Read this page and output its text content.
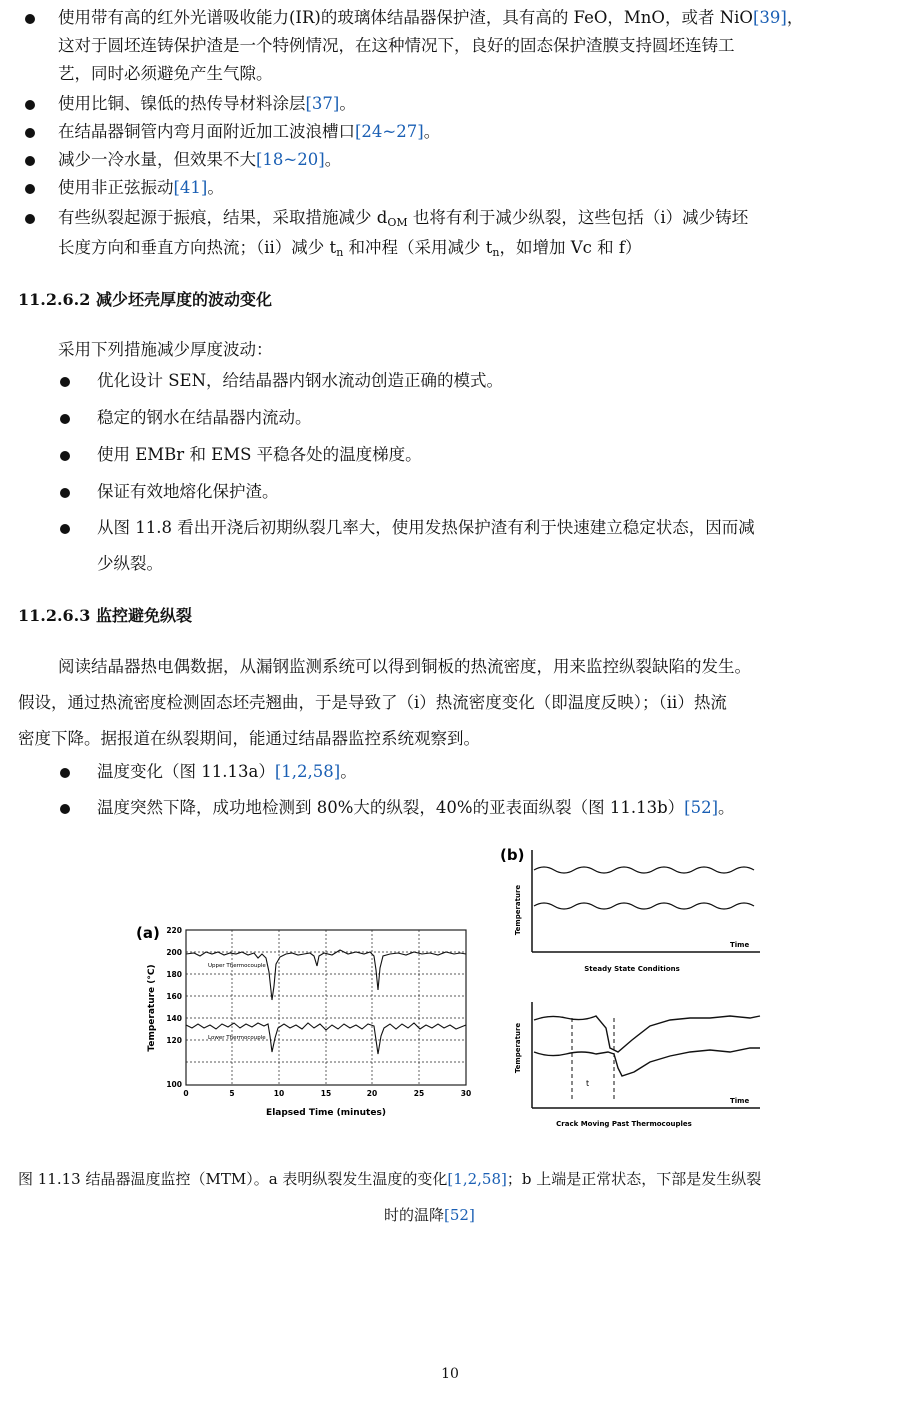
使用带有高的红外光谱吸收能力(IR)的玻璃体结晶器保护渣，具有高的 FeO，MnO，或者 NiO[39]，
这对于圆坯连铸保护渣是一个特例情况，在这种情况下，良好的固态保护渣膜支持圆坯连铸工
艺，同时必须避免产生气隙。
使用比铜、镍低的热传导材料涂层[37]。
在结晶器铜管内弯月面附近加工波浪槽口[24~27]。
减少一冷水量，但效果不大[18~20]。
使用非正弦振动[41]。
有些纵裂起源于振痕，结果，采取措施减少 $d_{OM}$ 也将有利于减少纵裂，这些包括（i）减少铸坯
长度方向和垂直方向热流；（ii）减少 $t_n$ 和冲程（采用减少 $t_n$，如增加 Vc 和 f）
11.2.6.2 减少坯壳厚度的波动变化
采用下列措施减少厚度波动：
优化设计 SEN，给结晶器内钢水流动创造正确的模式。
稳定的钢水在结晶器内流动。
使用 EMBr 和 EMS 平稳各处的温度梯度。
保证有效地熔化保护渣。
从图 11.8 看出开浇后初期纵裂几率大，使用发热保护渣有利于快速建立稳定状态，因而减
少纵裂。
11.2.6.3 监控避免纵裂
阅读结晶器热电偶数据，从漏钢监测系统可以得到铜板的热流密度，用来监控纵裂缺陷的发生。
假设，通过热流密度检测固态坯壳翘曲，于是导致了（i）热流密度变化（即温度反映）；（ii）热流
密度下降。据报道在纵裂期间，能通过结晶器监控系统观察到。
温度变化（图 11.13a）[1,2,58]。
温度突然下降，成功地检测到 80%大的纵裂，40%的亚表面纵裂（图 11.13b）[52]。
(a) 220
200
180
160
140
120
100
0	5	10	15	20	25	30
Elapsed Time (minutes)
Temperature (°C)	Upper Thermocouple
Lower Thermocouple
(b)
Time
Temperature
Steady State Conditions
t
Time
Temperature
Crack Moving Past Thermocouples
图 11.13 结晶器温度监控（MTM）。a 表明纵裂发生温度的变化[1,2,58]；b 上端是正常状态，下部是发生纵裂
时的温降[52]
10
